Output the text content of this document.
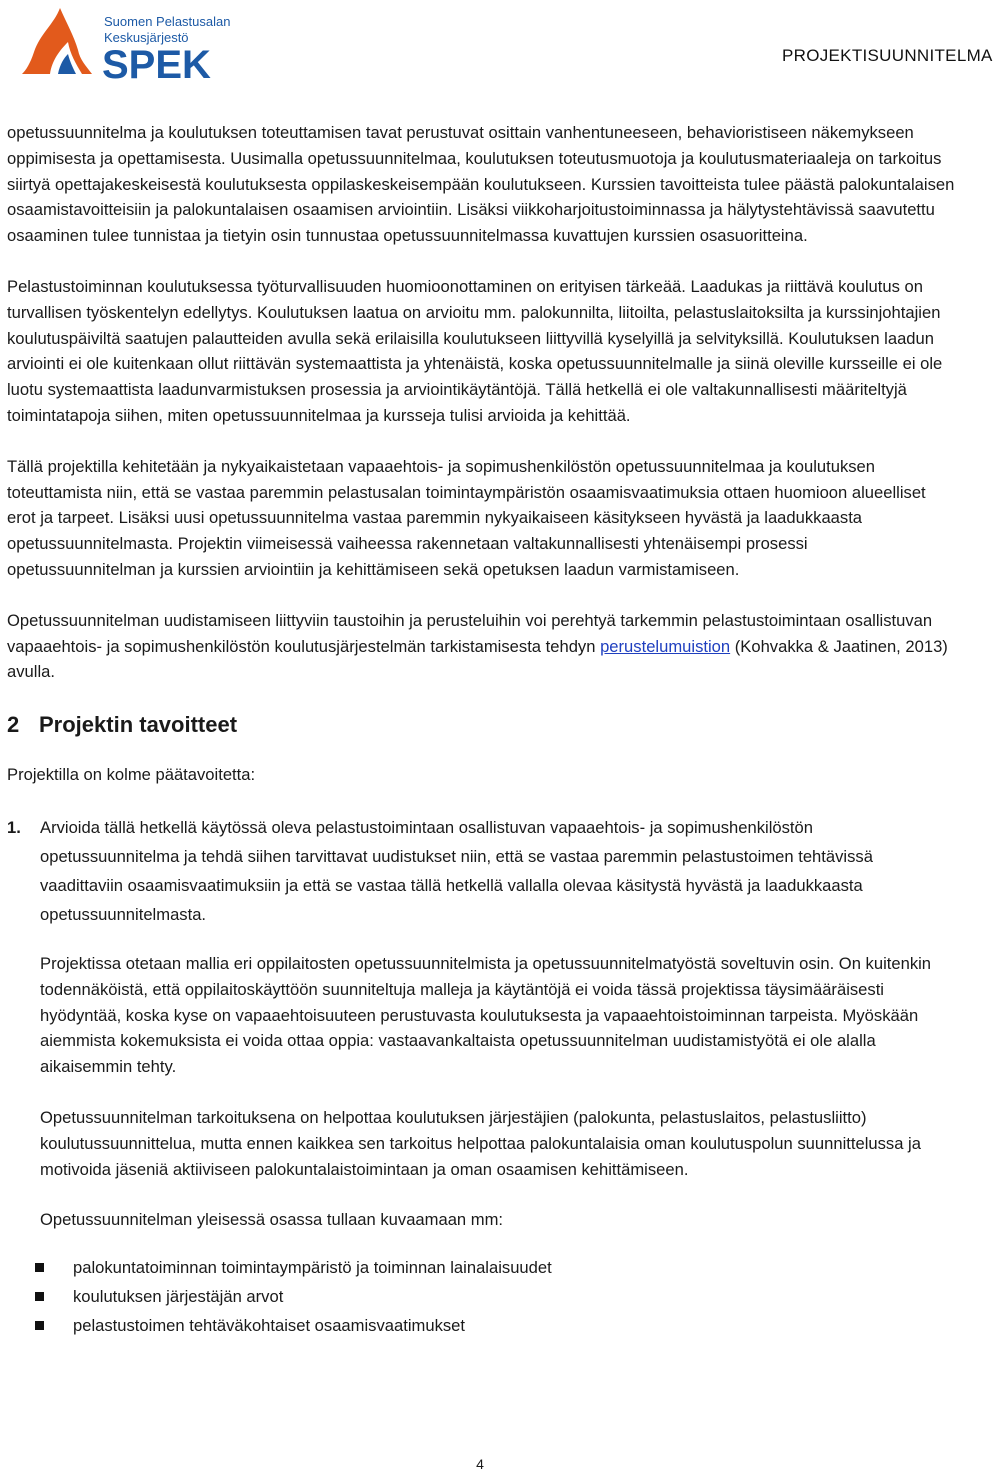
Suomen Pelastusalan
Keskusjärjestö
SPEK	PROJEKTISUUNNITELMA

opetussuunnitelma ja koulutuksen toteuttamisen tavat perustuvat osittain vanhentuneeseen, behavioristiseen näkemykseen oppimisesta ja opettamisesta. Uusimalla opetussuunnitelmaa, koulutuksen toteutusmuotoja ja koulutusmateriaaleja on tarkoitus siirtyä opettajakeskeisestä koulutuksesta oppilaskeskeisempään koulutukseen. Kurssien tavoitteista tulee päästä palokuntalaisen osaamistavoitteisiin ja palokuntalaisen osaamisen arviointiin. Lisäksi viikkoharjoitustoiminnassa ja hälytystehtävissä saavutettu osaaminen tulee tunnistaa ja tietyin osin tunnustaa opetussuunnitelmassa kuvattujen kurssien osasuoritteina.

Pelastustoiminnan koulutuksessa työturvallisuuden huomioonottaminen on erityisen tärkeää. Laadukas ja riittävä koulutus on turvallisen työskentelyn edellytys. Koulutuksen laatua on arvioitu mm. palokunnilta, liitoilta, pelastuslaitoksilta ja kurssinjohtajien koulutuspäiviltä saatujen palautteiden avulla sekä erilaisilla koulutukseen liittyvillä kyselyillä ja selvityksillä. Koulutuksen laadun arviointi ei ole kuitenkaan ollut riittävän systemaattista ja yhtenäistä, koska opetussuunnitelmalle ja siinä oleville kursseille ei ole luotu systemaattista laadunvarmistuksen prosessia ja arviointikäytäntöjä. Tällä hetkellä ei ole valtakunnallisesti määriteltyjä toimintatapoja siihen, miten opetussuunnitelmaa ja kursseja tulisi arvioida ja kehittää.

Tällä projektilla kehitetään ja nykyaikaistetaan vapaaehtois- ja sopimushenkilöstön opetussuunnitelmaa ja koulutuksen toteuttamista niin, että se vastaa paremmin pelastusalan toimintaympäristön osaamisvaatimuksia ottaen huomioon alueelliset erot ja tarpeet. Lisäksi uusi opetussuunnitelma vastaa paremmin nykyaikaiseen käsitykseen hyvästä ja laadukkaasta opetussuunnitelmasta. Projektin viimeisessä vaiheessa rakennetaan valtakunnallisesti yhtenäisempi prosessi opetussuunnitelman ja kurssien arviointiin ja kehittämiseen sekä opetuksen laadun varmistamiseen.

Opetussuunnitelman uudistamiseen liittyviin taustoihin ja perusteluihin voi perehtyä tarkemmin pelastustoimintaan osallistuvan vapaaehtois- ja sopimushenkilöstön koulutusjärjestelmän tarkistamisesta tehdyn perustelumuistion (Kohvakka & Jaatinen, 2013) avulla.

2 Projektin tavoitteet

Projektilla on kolme päätavoitetta:

1.	Arvioida tällä hetkellä käytössä oleva pelastustoimintaan osallistuvan vapaaehtois- ja sopimushenkilöstön opetussuunnitelma ja tehdä siihen tarvittavat uudistukset niin, että se vastaa paremmin pelastustoimen tehtävissä vaadittaviin osaamisvaatimuksiin ja että se vastaa tällä hetkellä vallalla olevaa käsitystä hyvästä ja laadukkaasta opetussuunnitelmasta.

Projektissa otetaan mallia eri oppilaitosten opetussuunnitelmista ja opetussuunnitelmatyöstä soveltuvin osin. On kuitenkin todennäköistä, että oppilaitoskäyttöön suunniteltuja malleja ja käytäntöjä ei voida tässä projektissa täysimääräisesti hyödyntää, koska kyse on vapaaehtoisuuteen perustuvasta koulutuksesta ja vapaaehtoistoiminnan tarpeista. Myöskään aiemmista kokemuksista ei voida ottaa oppia: vastaavankaltaista opetussuunnitelman uudistamistyötä ei ole alalla aikaisemmin tehty.

Opetussuunnitelman tarkoituksena on helpottaa koulutuksen järjestäjien (palokunta, pelastuslaitos, pelastusliitto) koulutussuunnittelua, mutta ennen kaikkea sen tarkoitus helpottaa palokuntalaisia oman koulutuspolun suunnittelussa ja motivoida jäseniä aktiiviseen palokuntalaistoimintaan ja oman osaamisen kehittämiseen.

Opetussuunnitelman yleisessä osassa tullaan kuvaamaan mm:

palokuntatoiminnan toimintaympäristö ja toiminnan lainalaisuudet
koulutuksen järjestäjän arvot
pelastustoimen tehtäväkohtaiset osaamisvaatimukset
4
